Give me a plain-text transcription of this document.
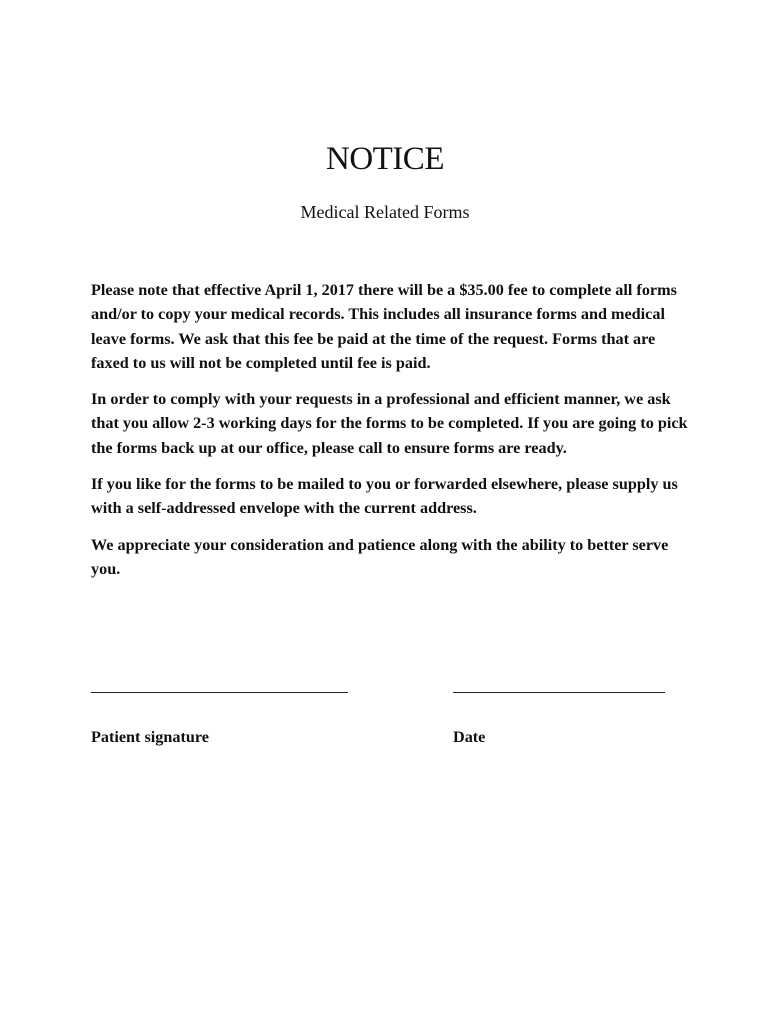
NOTICE
Medical Related Forms

Please note that effective April 1, 2017 there will be a $35.00 fee to complete all forms and/or to copy your medical records. This includes all insurance forms and medical leave forms. We ask that this fee be paid at the time of the request. Forms that are faxed to us will not be completed until fee is paid.

In order to comply with your requests in a professional and efficient manner, we ask that you allow 2-3 working days for the forms to be completed. If you are going to pick the forms back up at our office, please call to ensure forms are ready.

If you like for the forms to be mailed to you or forwarded elsewhere, please supply us with a self-addressed envelope with the current address.

We appreciate your consideration and patience along with the ability to better serve you.

Patient signature	Date
